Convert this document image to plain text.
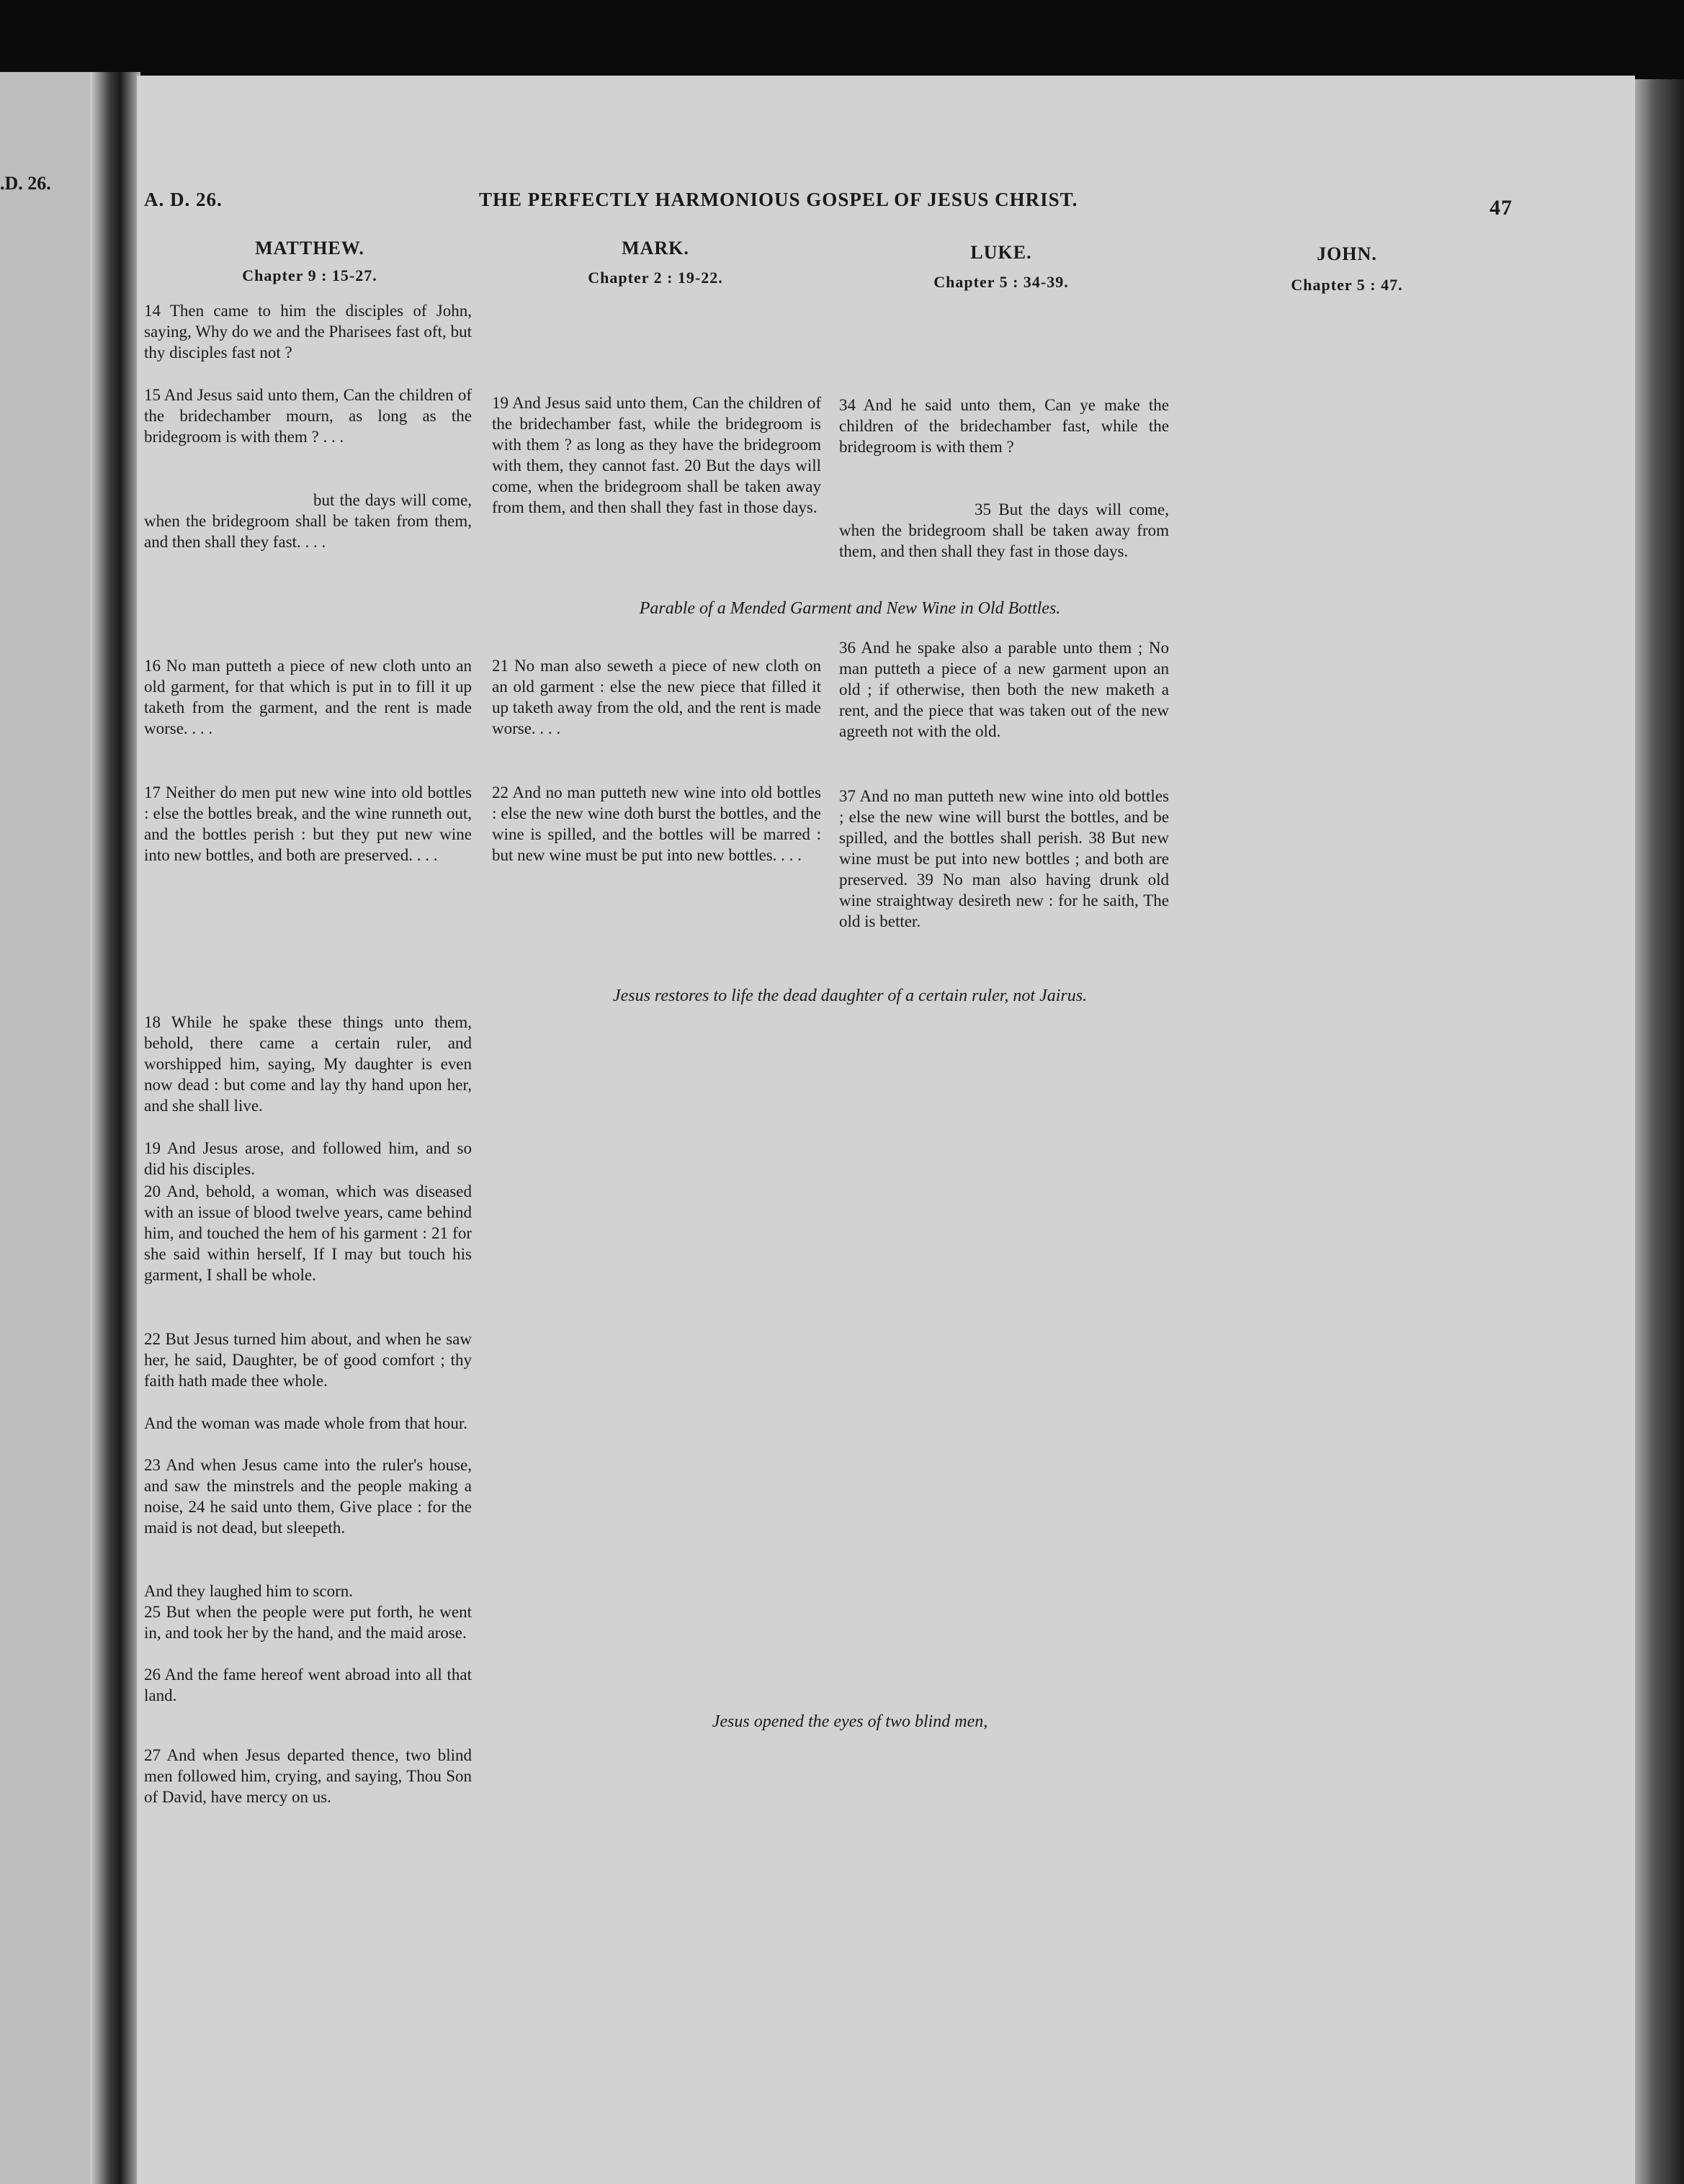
.D. 26.
A. D. 26.	THE PERFECTLY HARMONIOUS GOSPEL OF JESUS CHRIST.	47
MATTHEW.
Chapter 9 : 15-27.
MARK.
Chapter 2 : 19-22.
LUKE.
Chapter 5 : 34-39.
JOHN.
Chapter 5 : 47.
14 Then came to him the disciples of John, saying, Why do we and the Pharisees fast oft, but thy disciples fast not ?
15 And Jesus said unto them, Can the children of the bridechamber mourn, as long as the bridegroom is with them ? . . .
but the days will come, when the bridegroom shall be taken from them, and then shall they fast. . . .
16 No man putteth a piece of new cloth unto an old garment, for that which is put in to fill it up taketh from the garment, and the rent is made worse. . . .
17 Neither do men put new wine into old bottles : else the bottles break, and the wine runneth out, and the bottles perish : but they put new wine into new bottles, and both are preserved. . . .
18 While he spake these things unto them, behold, there came a certain ruler, and worshipped him, saying, My daughter is even now dead : but come and lay thy hand upon her, and she shall live.
19 And Jesus arose, and followed him, and so did his disciples.
20 And, behold, a woman, which was diseased with an issue of blood twelve years, came behind him, and touched the hem of his garment : 21 for she said within herself, If I may but touch his garment, I shall be whole.
22 But Jesus turned him about, and when he saw her, he said, Daughter, be of good comfort ; thy faith hath made thee whole.
And the woman was made whole from that hour.
23 And when Jesus came into the ruler's house, and saw the minstrels and the people making a noise, 24 he said unto them, Give place : for the maid is not dead, but sleepeth.
And they laughed him to scorn.
25 But when the people were put forth, he went in, and took her by the hand, and the maid arose.
26 And the fame hereof went abroad into all that land.
27 And when Jesus departed thence, two blind men followed him, crying, and saying, Thou Son of David, have mercy on us.
19 And Jesus said unto them, Can the children of the bridechamber fast, while the bridegroom is with them ? as long as they have the bridegroom with them, they cannot fast. 20 But the days will come, when the bridegroom shall be taken away from them, and then shall they fast in those days.
21 No man also seweth a piece of new cloth on an old garment : else the new piece that filled it up taketh away from the old, and the rent is made worse. . . .
22 And no man putteth new wine into old bottles : else the new wine doth burst the bottles, and the wine is spilled, and the bottles will be marred : but new wine must be put into new bottles. . . .
34 And he said unto them, Can ye make the children of the bridechamber fast, while the bridegroom is with them ?
35 But the days will come, when the bridegroom shall be taken away from them, and then shall they fast in those days.
36 And he spake also a parable unto them ; No man putteth a piece of a new garment upon an old ; if otherwise, then both the new maketh a rent, and the piece that was taken out of the new agreeth not with the old.
37 And no man putteth new wine into old bottles ; else the new wine will burst the bottles, and be spilled, and the bottles shall perish. 38 But new wine must be put into new bottles ; and both are preserved. 39 No man also having drunk old wine straightway desireth new : for he saith, The old is better.
Parable of a Mended Garment and New Wine in Old Bottles.
Jesus restores to life the dead daughter of a certain ruler, not Jairus.
Jesus opened the eyes of two blind men,
